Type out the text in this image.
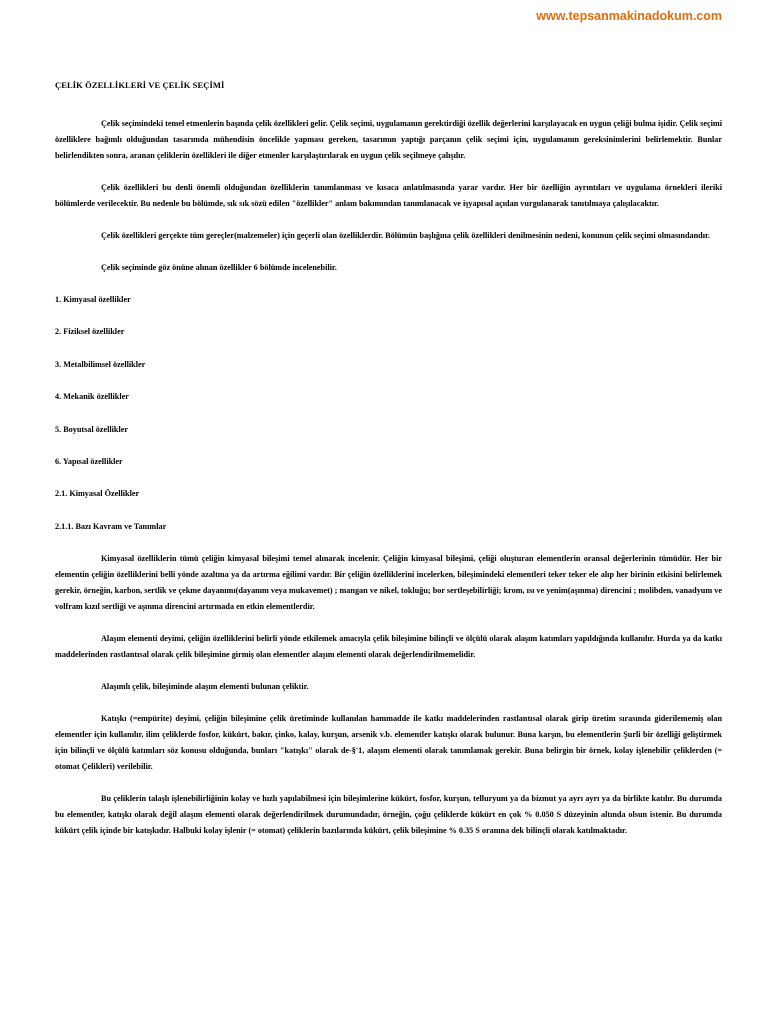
www.tepsanmakinadokum.com
ÇELİK ÖZELLİKLERİ VE ÇELİK SEÇİMİ

Çelik seçimindeki temel etmenlerin başında çelik özellikleri gelir. Çelik seçimi, uygulamanın gerektirdiği özellik değerlerini karşılayacak en uygun çeliği bulma işidir. Çelik seçimi özelliklere bağımlı olduğundan tasarımda mühendisin öncelikle yapması gereken, tasarımın yaptığı parçanın çelik seçimi için, uygulamanın gereksinimlerini belirlemektir. Bunlar belirlendikten sonra, aranan çeliklerin özellikleri ile diğer etmenler karşılaştırılarak en uygun çelik seçilmeye çalışılır.

Çelik özellikleri bu denli önemli olduğundan özelliklerin tanımlanması ve kısaca anlatılmasında yarar vardır. Her bir özelliğin ayrıntıları ve uygulama örnekleri ileriki bölümlerde verilecektir. Bu nedenle bu bölümde, sık sık sözü edilen "özellikler" anlam bakımından tanımlanacak ve işyapısal açıdan vurgulanarak tanıtılmaya çalışılacaktır.

Çelik özellikleri gerçekte tüm gereçler(malzemeler) için geçerli olan özelliklerdir. Bölümün başlığına çelik özellikleri denilmesinin nedeni, konunun çelik seçimi olmasındandır.

Çelik seçiminde göz önüne alınan özellikler 6 bölümde incelenebilir.

1. Kimyasal özellikler
2. Fiziksel özellikler
3. Metalbilimsel özellikler
4. Mekanik özellikler
5. Boyutsal özellikler
6. Yapısal özellikler
2.1. Kimyasal Özellikler
2.1.1. Bazı Kavram ve Tanımlar

Kimyasal özelliklerin tümü çeliğin kimyasal bileşimi temel alınarak incelenir. Çeliğin kimyasal bileşimi, çeliği oluşturan elementlerin oransal değerlerinin tümüdür. Her bir elementin çeliğin özelliklerini belli yönde azaltma ya da artırma eğilimi vardır. Bir çeliğin özelliklerini incelerken, bileşimindeki elementleri teker teker ele alıp her birinin etkisini belirlemek gerekir, örneğin, karbon, sertlik ve çekme dayanımı(dayanım veya mukavemet) ; mangan ve nikel, tokluğu; bor sertleşebilirliği; krom, ısı ve yenim(aşınma) direncini ; molibden, vanadyum ve volfram kızıl sertliği ve aşınma direncini artırmada en etkin elementlerdir.

Alaşım elementi deyimi, çeliğin özelliklerini belirli yönde etkilemek amacıyla çelik bileşimine bilinçli ve ölçülü olarak alaşım katımları yapıldığında kullanılır. Hurda ya da katkı maddelerinden rastlantısal olarak çelik bileşimine girmiş olan elementler alaşım elementi olarak değerlendirilmemelidir.

Alaşımlı çelik, bileşiminde alaşım elementi bulunan çeliktir.

Katışkı (=empürite) deyimi, çeliğin bileşimine çelik üretiminde kullanılan hammadde ile katkı maddelerinden rastlantısal olarak girip üretim sırasında giderilememiş olan elementler için kullanılır, ilim çeliklerde fosfor, kükürt, bakır, çinko, kalay, kurşun, arsenik v.b. elementler katışkı olarak bulunur. Buna karşın, bu elementlerin Şurli bir özelliği geliştirmek için bilinçli ve ölçülü katımları söz konusu olduğunda, bunları "katışkı" olarak de-§'1, alaşım elementi olarak tanımlamak gerekir. Buna belirgin bir örnek, kolay işlenebilir çeliklerden (= otomat Çelikleri) verilebilir.

Bu çeliklerin talaşlı işlenebilirliğinin kolay ve hızlı yapılabilmesi için bileşimlerine kükürt, fosfor, kurşun, telluryum ya da bizmut ya ayrı ayrı ya da birlikte katılır. Bu durumda bu elementler, katışkı olarak değil alaşım elementi olarak değerlendirilmek durumundadır, örneğin, çoğu çeliklerde kükürt en çok % 0.050 S düzeyinin altında olsun istenir. Bu durumda kükürt çelik içinde bir katışkıdır. Halbuki kolay işlenir (= otomat) çeliklerin bazılarında kükürt, çelik bileşimine % 0.35 S oranına dek bilinçli olarak katılmaktadır.
